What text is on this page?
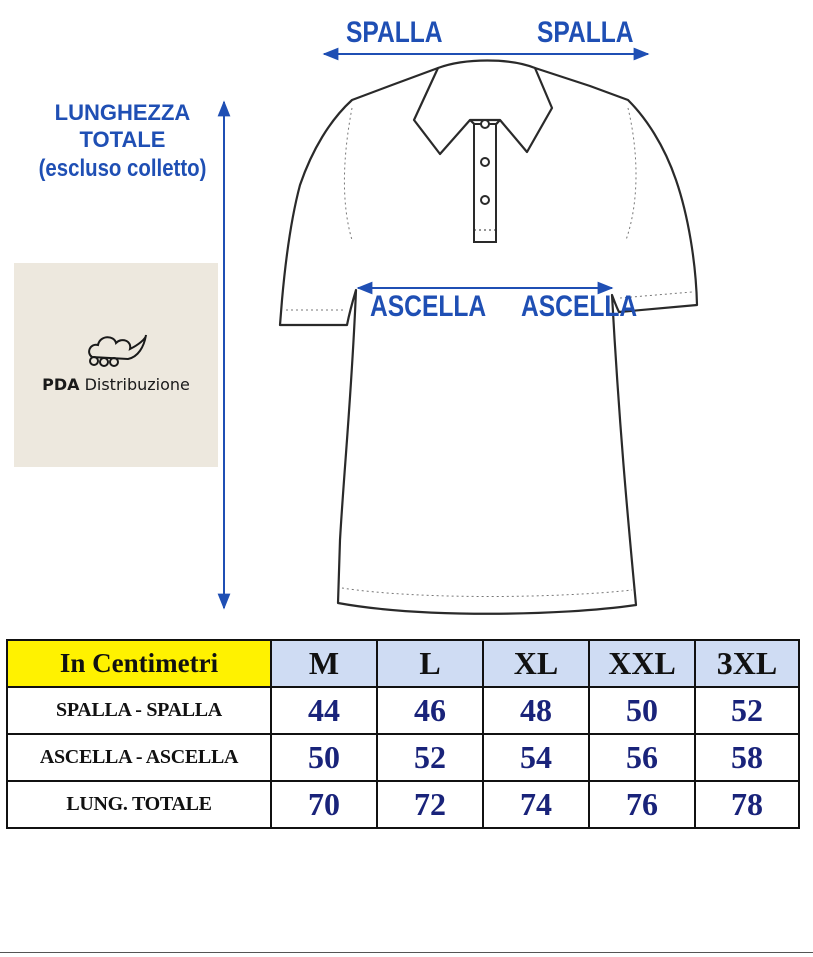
SPALLA	SPALLA
ASCELLA ASCELLA
LUNGHEZZA
TOTALE
(escluso colletto)
PDA Distribuzione
In Centimetri	M	L	XL	XXL	3XL
SPALLA - SPALLA	44	46	48	50	52
ASCELLA - ASCELLA	50	52	54	56	58
LUNG. TOTALE	70	72	74	76	78
